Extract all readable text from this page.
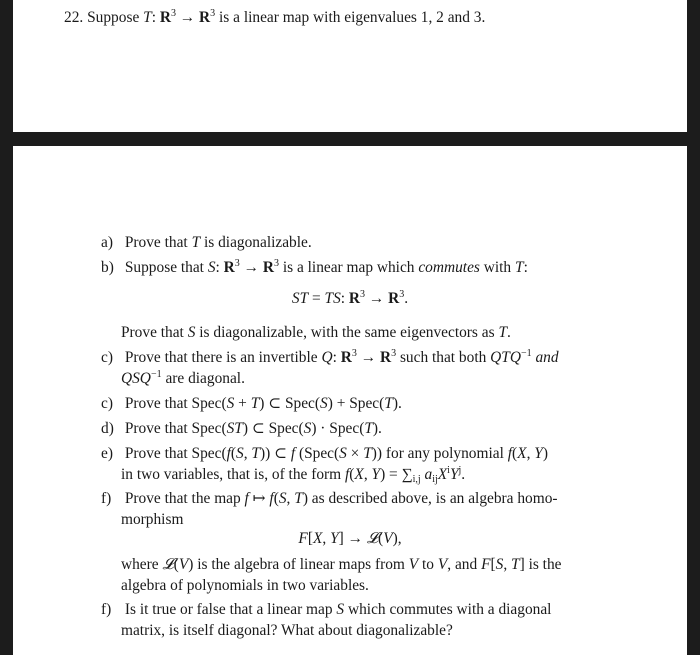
22. Suppose T: $R^3 \to R^3$ is a linear map with eigenvalues 1, 2 and 3.
a) Prove that T is diagonalizable.
b) Suppose that S: $R^3 \to R^3$ is a linear map which commutes with T:
ST = TS: $R^3 \to R^3$.
Prove that S is diagonalizable, with the same eigenvectors as T.
c) Prove that there is an invertible Q: $R^3 \to R^3$ such that both $QTQ^{-1}$ and
$QSQ^{-1}$ are diagonal.
c) Prove that Spec(S + T) ⊂ Spec(S) + Spec(T).
d) Prove that Spec(ST) ⊂ Spec(S) · Spec(T).
e) Prove that Spec(f(S, T)) ⊂ f (Spec(S × T)) for any polynomial f(X, Y)
in two variables, that is, of the form f(X, $Y) = \sum_{i,j}$ $a_{ij}X^iY^j$.
f) Prove that the map f ↦ f(S, T) as described above, is an algebra homo-
morphism
F[X, Y] → 𝓛(V),
where 𝓛(V) is the algebra of linear maps from V to V, and F[S, T] is the
algebra of polynomials in two variables.
f) Is it true or false that a linear map S which commutes with a diagonal
matrix, is itself diagonal? What about diagonalizable?
